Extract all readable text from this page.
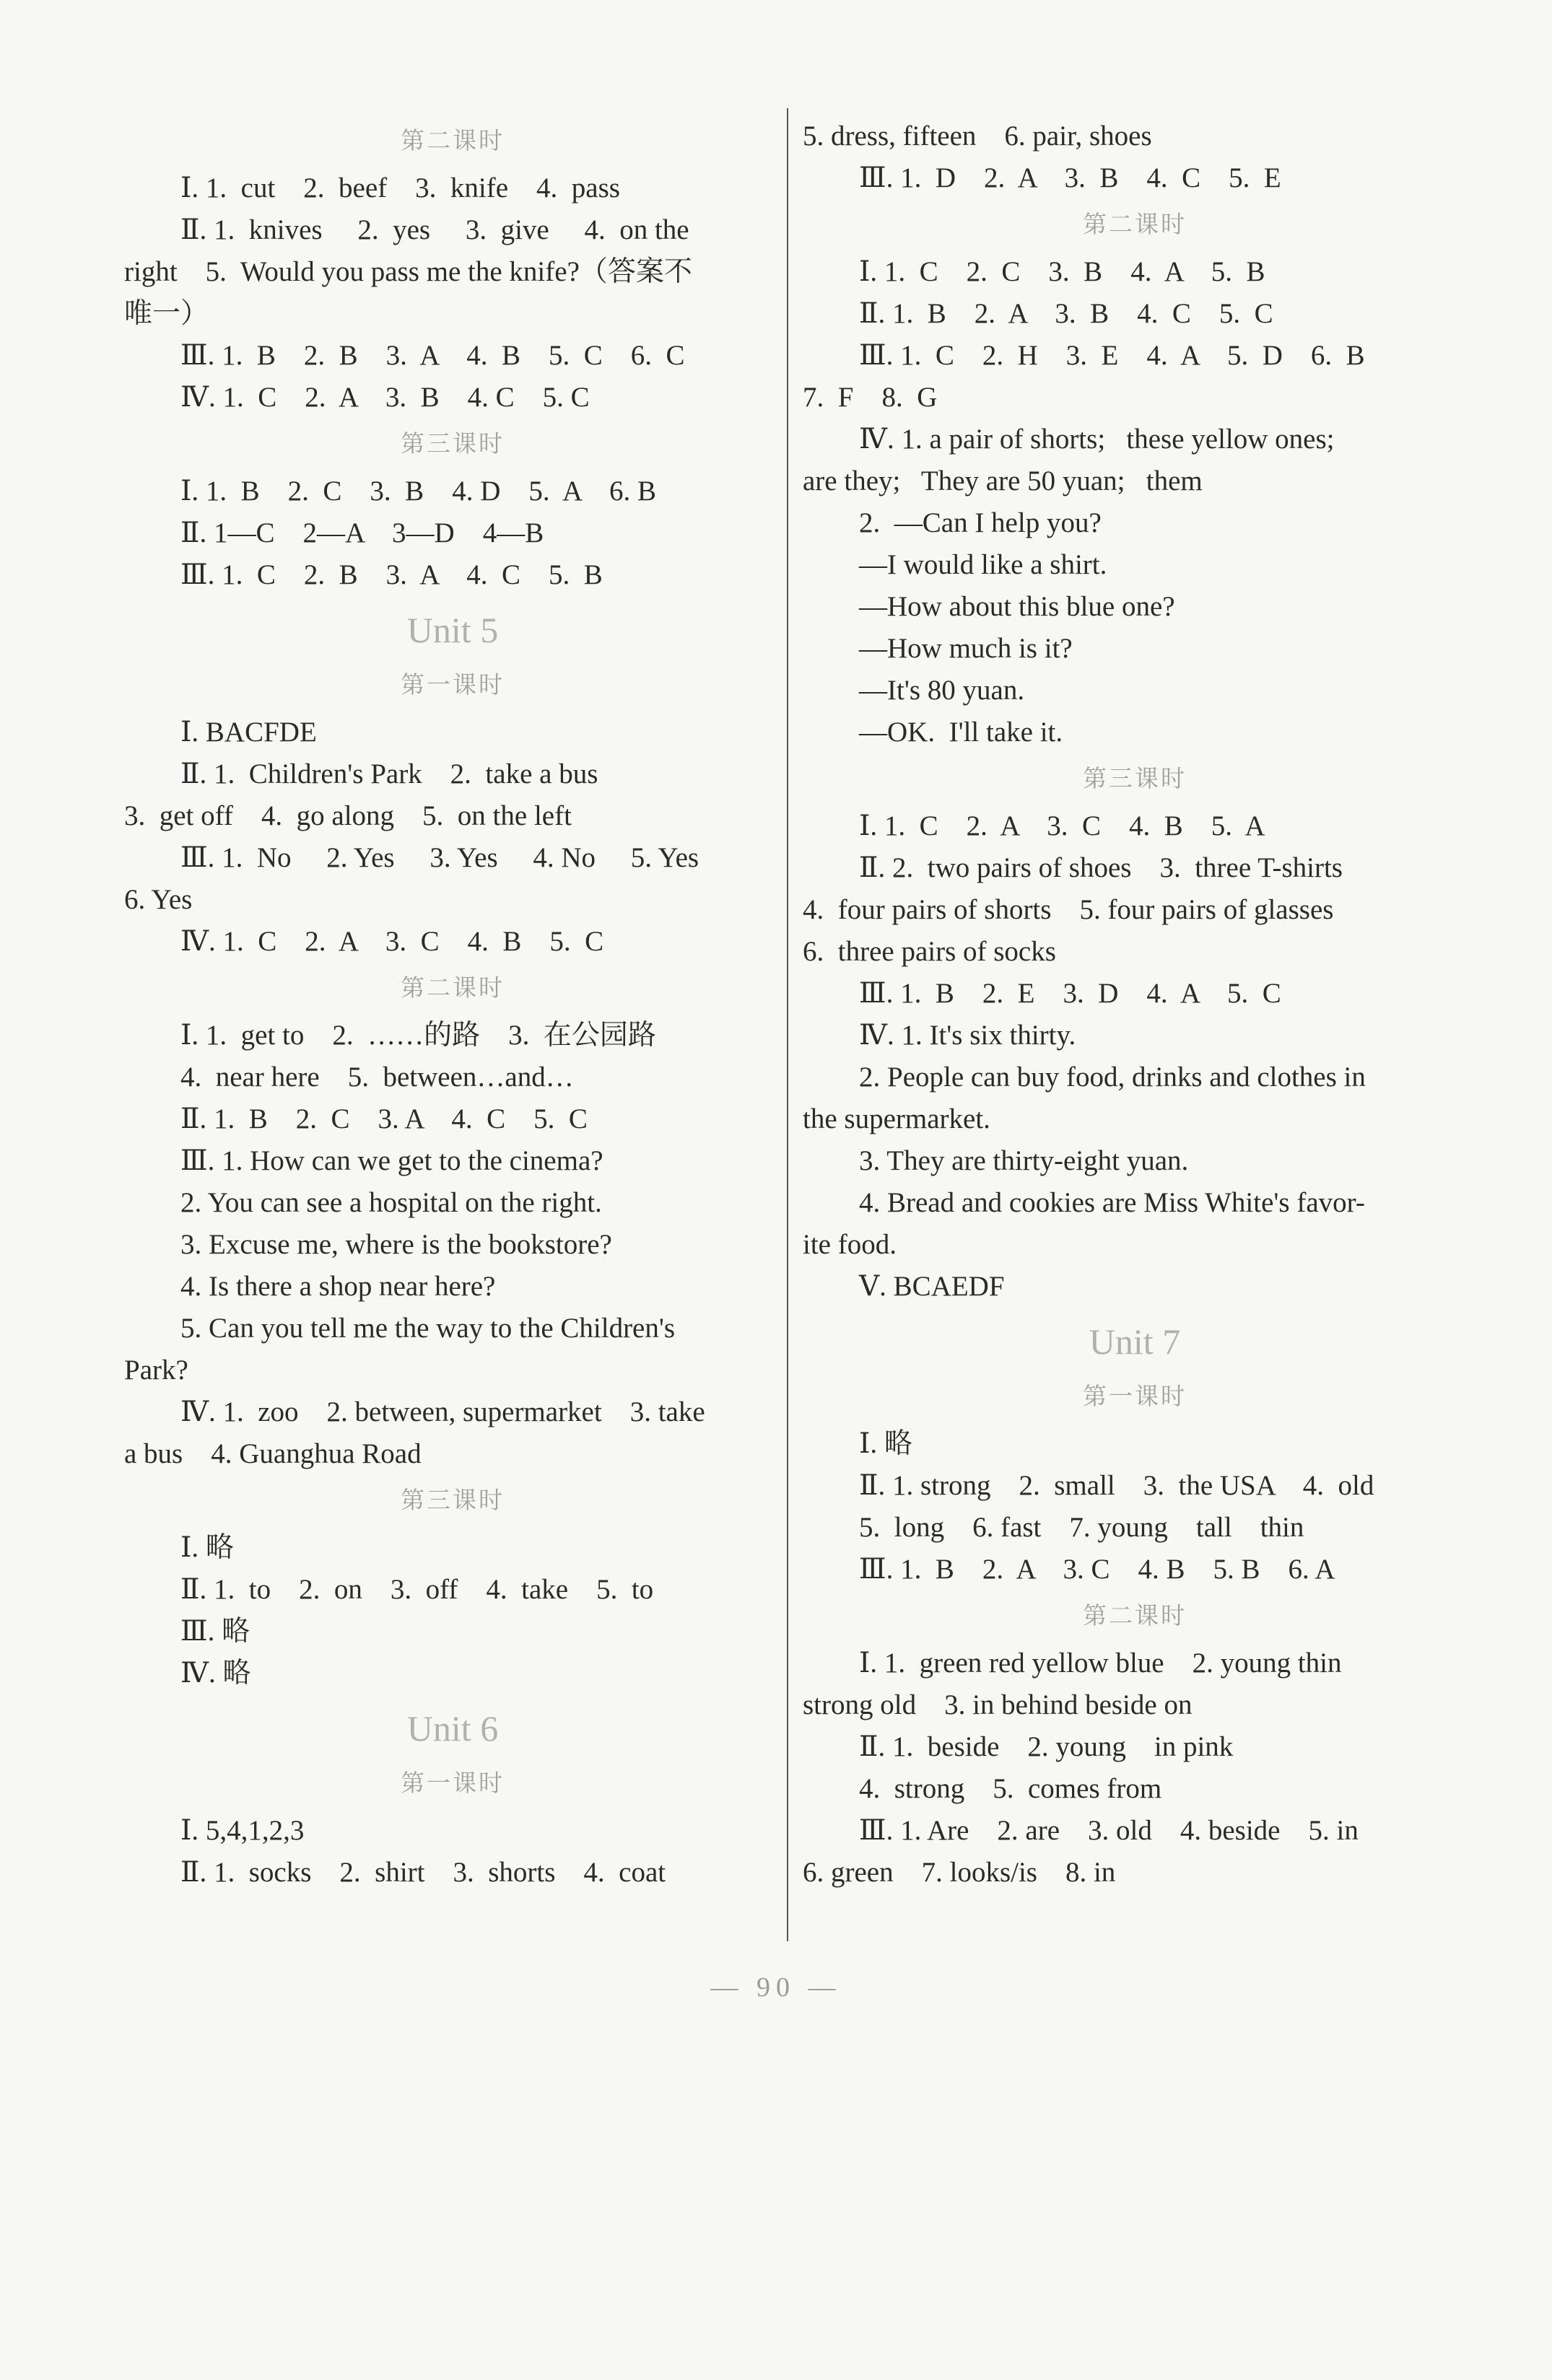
第二课时
Ⅰ. 1.  cut    2.  beef    3.  knife    4.  pass
Ⅱ. 1.  knives     2.  yes     3.  give     4.  on the
right    5.  Would you pass me the knife?（答案不
唯一）
Ⅲ. 1.  B    2.  B    3.  A    4.  B    5.  C    6.  C
Ⅳ. 1.  C    2.  A    3.  B    4. C    5. C
第三课时
Ⅰ. 1.  B    2.  C    3.  B    4. D    5.  A    6. B
Ⅱ. 1—C    2—A    3—D    4—B
Ⅲ. 1.  C    2.  B    3.  A    4.  C    5.  B
Unit 5
第一课时
Ⅰ. BACFDE
Ⅱ. 1.  Children's Park    2.  take a bus
3.  get off    4.  go along    5.  on the left
Ⅲ. 1.  No     2. Yes     3. Yes     4. No     5. Yes
6. Yes
Ⅳ. 1.  C    2.  A    3.  C    4.  B    5.  C
第二课时
Ⅰ. 1.  get to    2.  ……的路    3.  在公园路
4.  near here    5.  between…and…
Ⅱ. 1.  B    2.  C    3. A    4.  C    5.  C
Ⅲ. 1. How can we get to the cinema?
2. You can see a hospital on the right.
3. Excuse me, where is the bookstore?
4. Is there a shop near here?
5. Can you tell me the way to the Children's
Park?
Ⅳ. 1.  zoo    2. between, supermarket    3. take
a bus    4. Guanghua Road
第三课时
Ⅰ. 略
Ⅱ. 1.  to    2.  on    3.  off    4.  take    5.  to
Ⅲ. 略
Ⅳ. 略
Unit 6
第一课时
Ⅰ. 5,4,1,2,3
Ⅱ. 1.  socks    2.  shirt    3.  shorts    4.  coat
5. dress, fifteen    6. pair, shoes
Ⅲ. 1.  D    2.  A    3.  B    4.  C    5.  E
第二课时
Ⅰ. 1.  C    2.  C    3.  B    4.  A    5.  B
Ⅱ. 1.  B    2.  A    3.  B    4.  C    5.  C
Ⅲ. 1.  C    2.  H    3.  E    4.  A    5.  D    6.  B
7.  F    8.  G
Ⅳ. 1. a pair of shorts;   these yellow ones;
are they;   They are 50 yuan;   them
2.  —Can I help you?
—I would like a shirt.
—How about this blue one?
—How much is it?
—It's 80 yuan.
—OK.  I'll take it.
第三课时
Ⅰ. 1.  C    2.  A    3.  C    4.  B    5.  A
Ⅱ. 2.  two pairs of shoes    3.  three T-shirts
4.  four pairs of shorts    5. four pairs of glasses
6.  three pairs of socks
Ⅲ. 1.  B    2.  E    3.  D    4.  A    5.  C
Ⅳ. 1. It's six thirty.
2. People can buy food, drinks and clothes in
the supermarket.
3. They are thirty-eight yuan.
4. Bread and cookies are Miss White's favor-
ite food.
Ⅴ. BCAEDF
Unit 7
第一课时
Ⅰ. 略
Ⅱ. 1. strong    2.  small    3.  the USA    4.  old
5.  long    6. fast    7. young    tall    thin
Ⅲ. 1.  B    2.  A    3. C    4. B    5. B    6. A
第二课时
Ⅰ. 1.  green red yellow blue    2. young thin
strong old    3. in behind beside on
Ⅱ. 1.  beside    2. young    in pink
4.  strong    5.  comes from
Ⅲ. 1. Are    2. are    3. old    4. beside    5. in
6. green    7. looks/is    8. in
— 90 —
